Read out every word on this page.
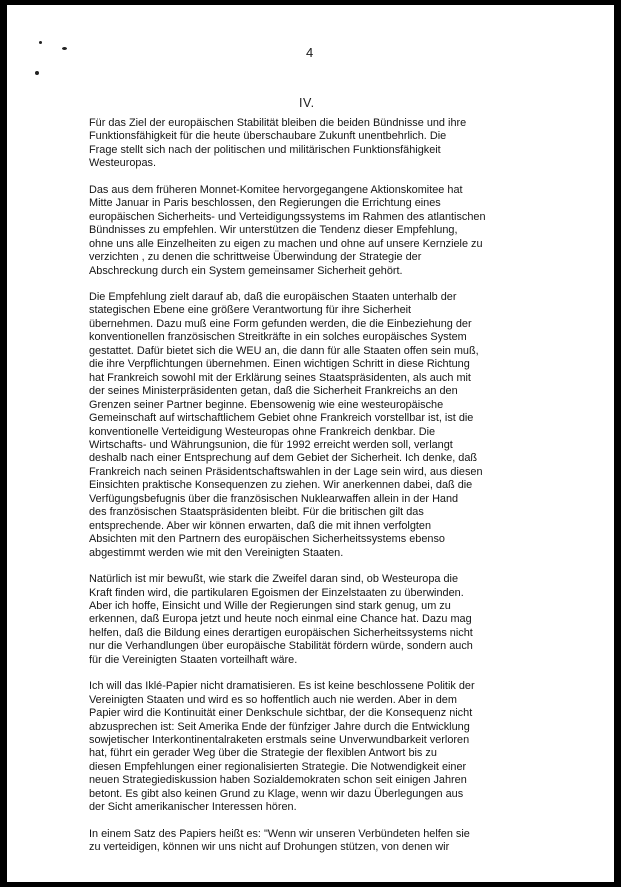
4
IV.
Für das Ziel der europäischen Stabilität bleiben die beiden Bündnisse und ihre
Funktionsfähigkeit für die heute überschaubare Zukunft unentbehrlich. Die
Frage stellt sich nach der politischen und militärischen Funktionsfähigkeit
Westeuropas.
Das aus dem früheren Monnet-Komitee hervorgegangene Aktionskomitee hat
Mitte Januar in Paris beschlossen, den Regierungen die Errichtung eines
europäischen Sicherheits- und Verteidigungssystems im Rahmen des atlantischen
Bündnisses zu empfehlen. Wir unterstützen die Tendenz dieser Empfehlung,
ohne uns alle Einzelheiten zu eigen zu machen und ohne auf unsere Kernziele zu
verzichten , zu denen die schrittweise Überwindung der Strategie der
Abschreckung durch ein System gemeinsamer Sicherheit gehört.
Die Empfehlung zielt darauf ab, daß die europäischen Staaten unterhalb der
stategischen Ebene eine größere Verantwortung für ihre Sicherheit
übernehmen. Dazu muß eine Form gefunden werden, die die Einbeziehung der
konventionellen französischen Streitkräfte in ein solches europäisches System
gestattet. Dafür bietet sich die WEU an, die dann für alle Staaten offen sein muß,
die ihre Verpflichtungen übernehmen. Einen wichtigen Schritt in diese Richtung
hat Frankreich sowohl mit der Erklärung seines Staatspräsidenten, als auch mit
der seines Ministerpräsidenten getan, daß die Sicherheit Frankreichs an den
Grenzen seiner Partner beginne. Ebensowenig wie eine westeuropäische
Gemeinschaft auf wirtschaftlichem Gebiet ohne Frankreich vorstellbar ist, ist die
konventionelle Verteidigung Westeuropas ohne Frankreich denkbar. Die
Wirtschafts- und Währungsunion, die für 1992 erreicht werden soll, verlangt
deshalb nach einer Entsprechung auf dem Gebiet der Sicherheit. Ich denke, daß
Frankreich nach seinen Präsidentschaftswahlen in der Lage sein wird, aus diesen
Einsichten praktische Konsequenzen zu ziehen. Wir anerkennen dabei, daß die
Verfügungsbefugnis über die französischen Nuklearwaffen allein in der Hand
des französischen Staatspräsidenten bleibt. Für die britischen gilt das
entsprechende. Aber wir können erwarten, daß die mit ihnen verfolgten
Absichten mit den Partnern des europäischen Sicherheitssystems ebenso
abgestimmt werden wie mit den Vereinigten Staaten.
Natürlich ist mir bewußt, wie stark die Zweifel daran sind, ob Westeuropa die
Kraft finden wird, die partikularen Egoismen der Einzelstaaten zu überwinden.
Aber ich hoffe, Einsicht und Wille der Regierungen sind stark genug, um zu
erkennen, daß Europa jetzt und heute noch einmal eine Chance hat. Dazu mag
helfen, daß die Bildung eines derartigen europäischen Sicherheitssystems nicht
nur die Verhandlungen über europäische Stabilität fördern würde, sondern auch
für die Vereinigten Staaten vorteilhaft wäre.
Ich will das Iklé-Papier nicht dramatisieren. Es ist keine beschlossene Politik der
Vereinigten Staaten und wird es so hoffentlich auch nie werden. Aber in dem
Papier wird die Kontinuität einer Denkschule sichtbar, der die Konsequenz nicht
abzusprechen ist: Seit Amerika Ende der fünfziger Jahre durch die Entwicklung
sowjetischer Interkontinentalraketen erstmals seine Unverwundbarkeit verloren
hat, führt ein gerader Weg über die Strategie der flexiblen Antwort bis zu
diesen Empfehlungen einer regionalisierten Strategie. Die Notwendigkeit einer
neuen Strategiediskussion haben Sozialdemokraten schon seit einigen Jahren
betont. Es gibt also keinen Grund zu Klage, wenn wir dazu Überlegungen aus
der Sicht amerikanischer Interessen hören.
In einem Satz des Papiers heißt es: "Wenn wir unseren Verbündeten helfen sie
zu verteidigen, können wir uns nicht auf Drohungen stützen, von denen wir
